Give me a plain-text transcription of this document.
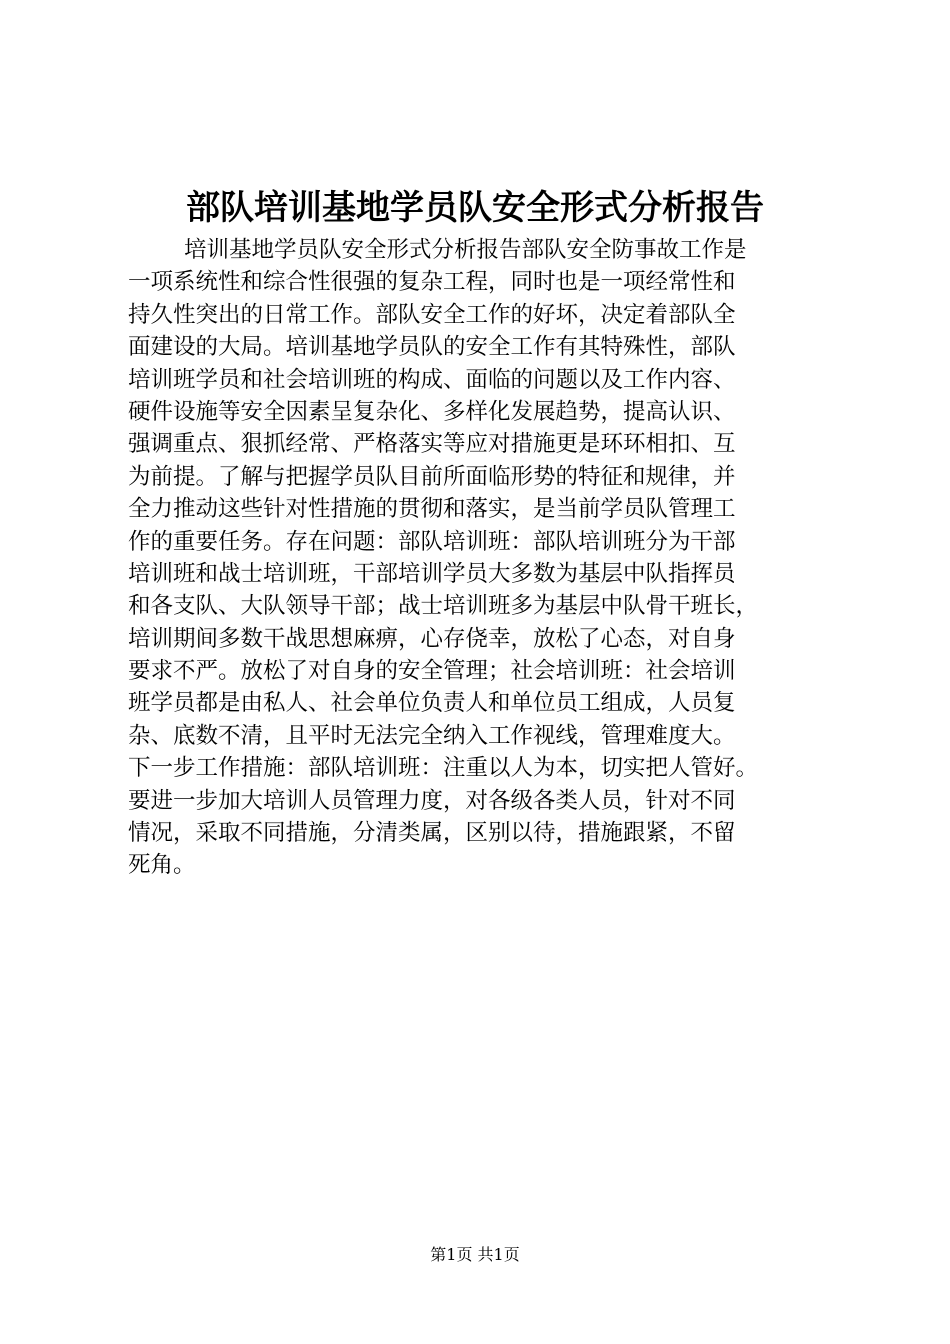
部队培训基地学员队安全形式分析报告
培训基地学员队安全形式分析报告部队安全防事故工作是
一项系统性和综合性很强的复杂工程，同时也是一项经常性和
持久性突出的日常工作。部队安全工作的好坏，决定着部队全
面建设的大局。培训基地学员队的安全工作有其特殊性，部队
培训班学员和社会培训班的构成、面临的问题以及工作内容、
硬件设施等安全因素呈复杂化、多样化发展趋势，提高认识、
强调重点、狠抓经常、严格落实等应对措施更是环环相扣、互
为前提。了解与把握学员队目前所面临形势的特征和规律，并
全力推动这些针对性措施的贯彻和落实，是当前学员队管理工
作的重要任务。存在问题：部队培训班：部队培训班分为干部
培训班和战士培训班，干部培训学员大多数为基层中队指挥员
和各支队、大队领导干部；战士培训班多为基层中队骨干班长，
培训期间多数干战思想麻痹，心存侥幸，放松了心态，对自身
要求不严。放松了对自身的安全管理；社会培训班：社会培训
班学员都是由私人、社会单位负责人和单位员工组成，人员复
杂、底数不清，且平时无法完全纳入工作视线，管理难度大。
下一步工作措施：部队培训班：注重以人为本，切实把人管好。
要进一步加大培训人员管理力度，对各级各类人员，针对不同
情况，采取不同措施，分清类属，区别以待，措施跟紧，不留
死角。
第1页 共1页
